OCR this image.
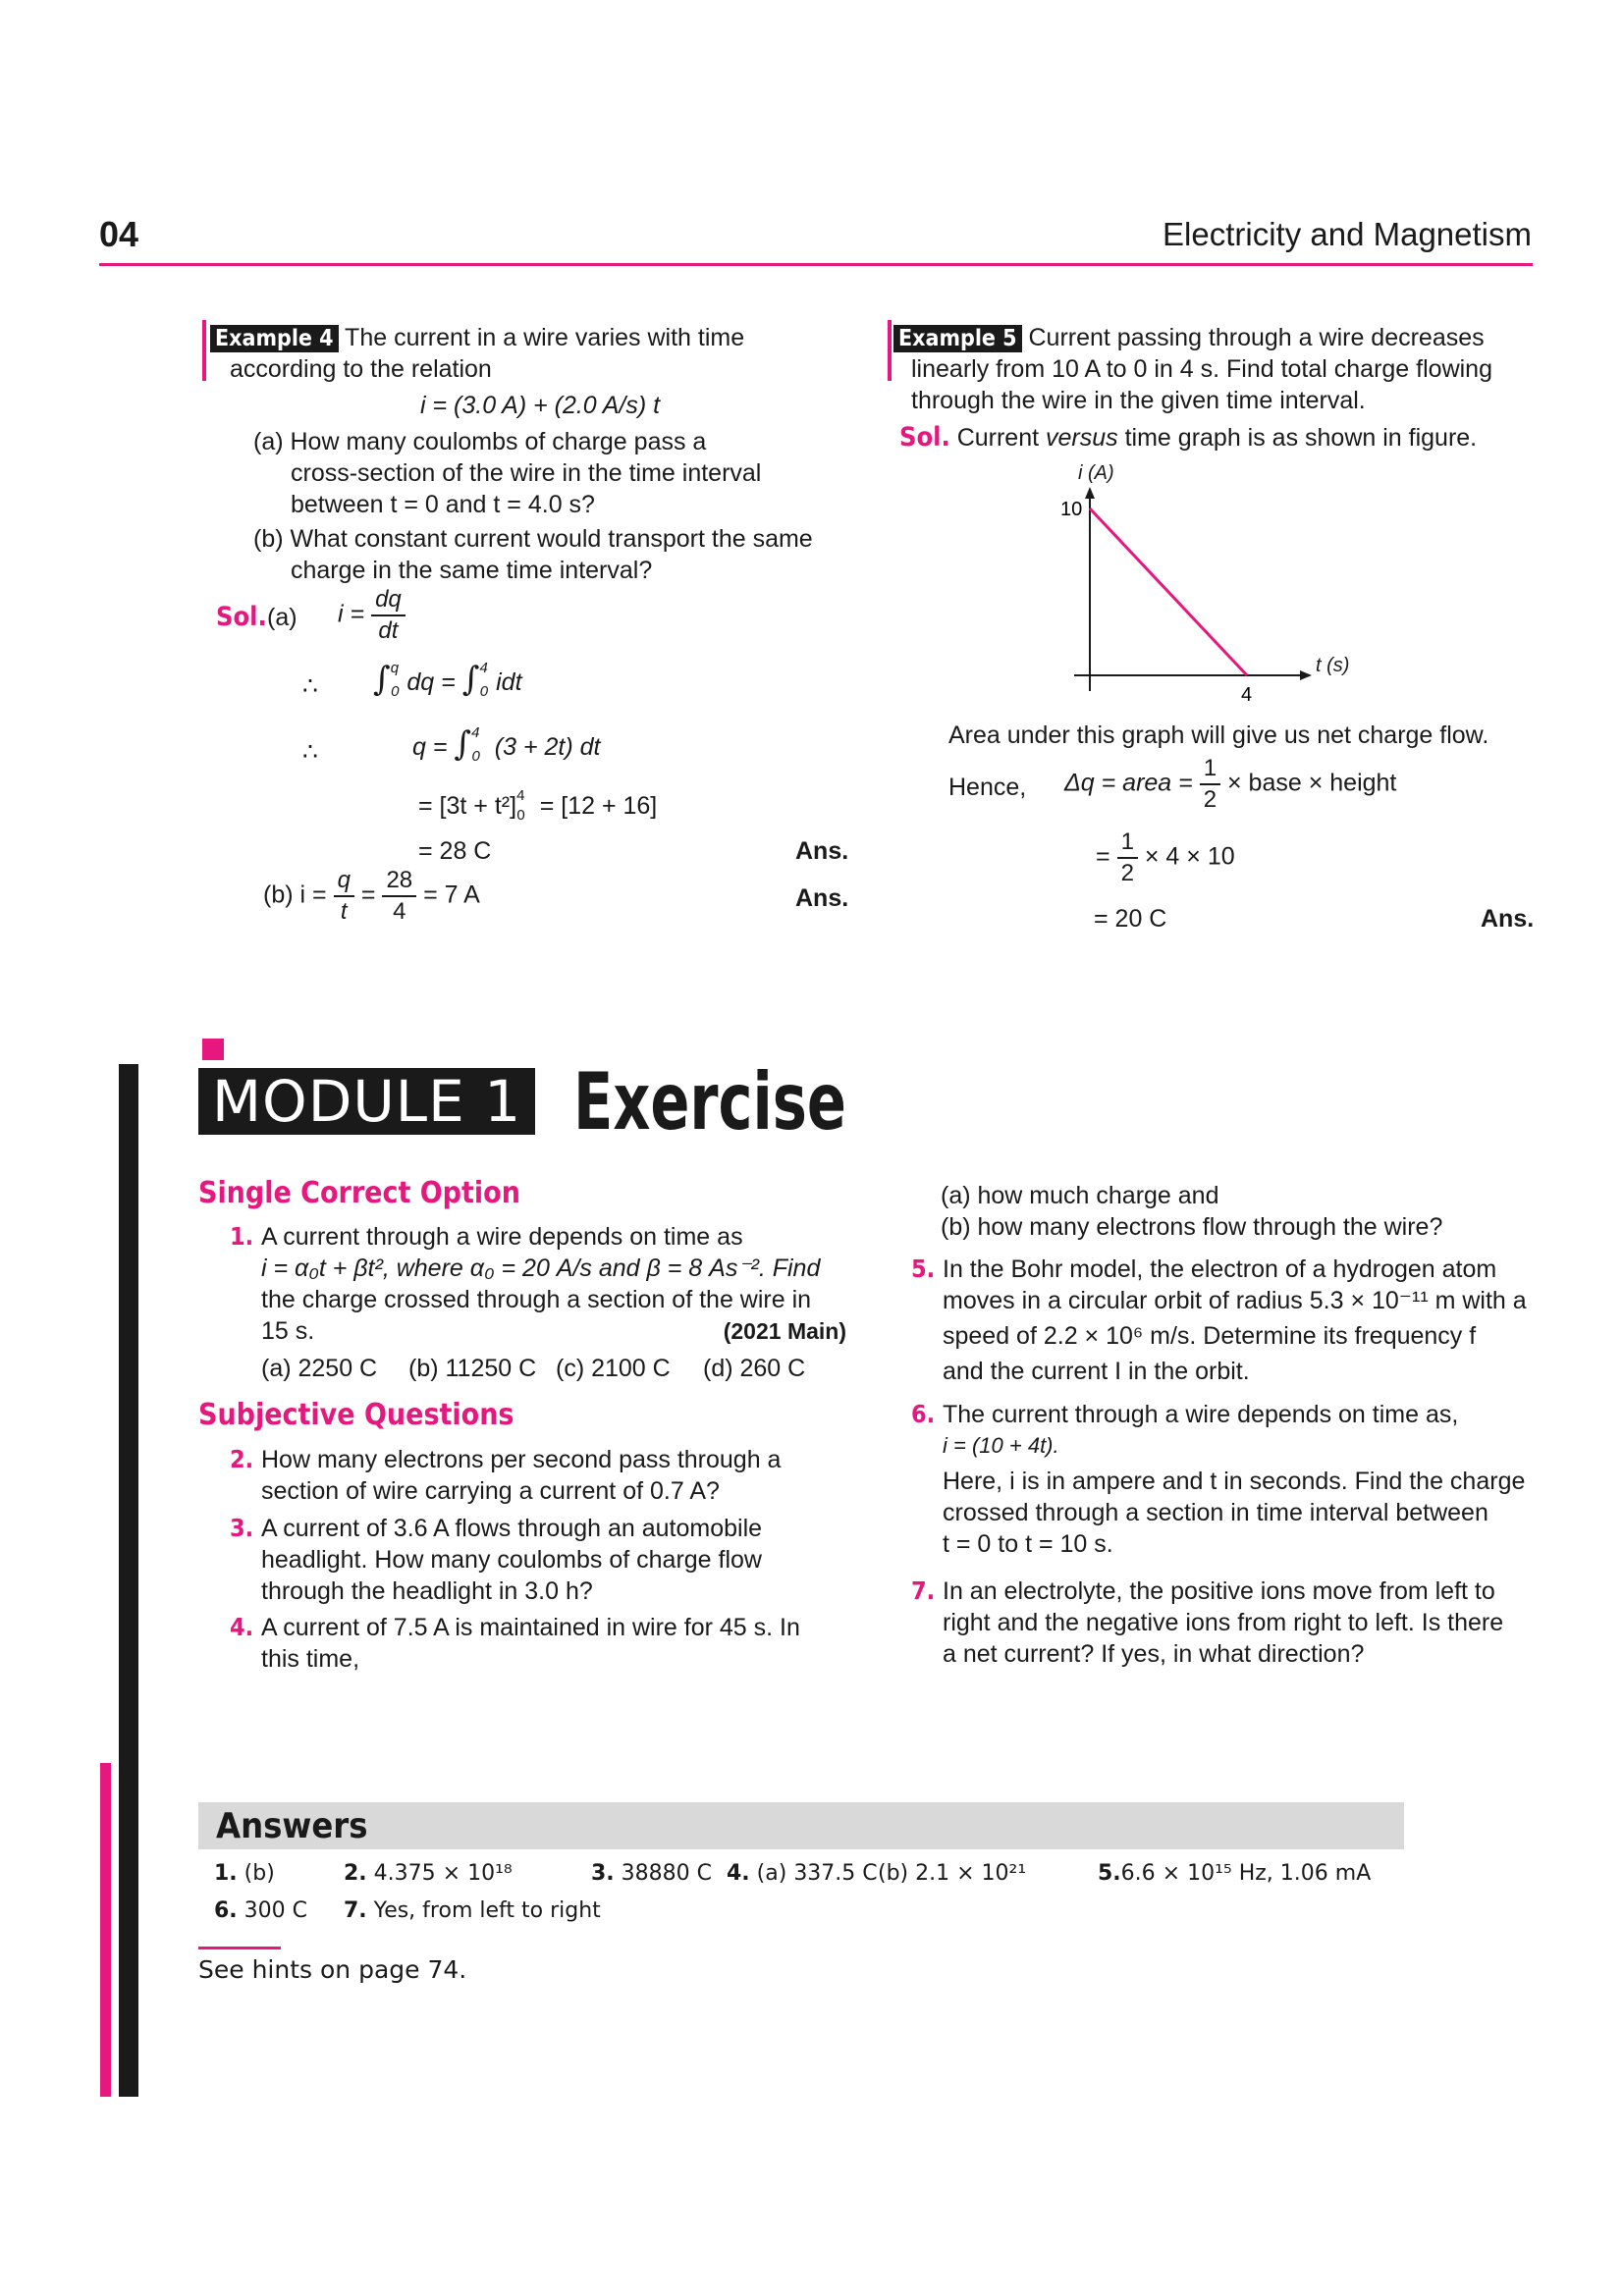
04	Electricity and Magnetism
Example 4 The current in a wire varies with time
according to the relation
i = (3.0 A) + (2.0 A/s) t
(a) How many coulombs of charge pass a
cross-section of the wire in the time interval
between t = 0 and t = 4.0 s?
(b) What constant current would transport the same
charge in the same time interval?
Sol. (a) $i = \frac{dq}{dt}$
∴ ∫$^q_0$ dq = ∫$^4_0$ idt
∴	q = ∫$^4_0$ (3 + 2t) dt
= $[3t + t^2]^4_0 = [12 + 16]$
= 28 C	Ans.
(b) $i = \frac{q}{t} = \frac{28}{4} = 7$ A	Ans.
Example 5 Current passing through a wire decreases
linearly from 10 A to 0 in 4 s. Find total charge flowing
through the wire in the given time interval.
Sol. Current versus time graph is as shown in figure.
i (A)
t (s)
10
4
Area under this graph will give us net charge flow.
Hence, Δq = area = $\frac{1}{2}$ × base × height
= $\frac{1}{2} \times 4 \times 10$
= 20 C	Ans.
MODULE 1 Exercise
Single Correct Option
1. A current through a wire depends on time as
i = α₀t + βt², where α₀ = 20 A/s and β = 8 As⁻². Find
the charge crossed through a section of the wire in
15 s.	(2021 Main)
(a) 2250 C (b) 11250 C (c) 2100 C (d) 260 C
Subjective Questions
2. How many electrons per second pass through a
section of wire carrying a current of 0.7 A?
3. A current of 3.6 A flows through an automobile
headlight. How many coulombs of charge flow
through the headlight in 3.0 h?
4. A current of 7.5 A is maintained in wire for 45 s. In
this time,
(a) how much charge and
(b) how many electrons flow through the wire?
5. In the Bohr model, the electron of a hydrogen atom
moves in a circular orbit of radius 5.3 × 10⁻¹¹ m with a
speed of 2.2 × 10⁶ m/s. Determine its frequency f
and the current I in the orbit.
6. The current through a wire depends on time as,
i = (10 + 4t).
Here, i is in ampere and t in seconds. Find the charge
crossed through a section in time interval between
t = 0 to t = 10 s.
7. In an electrolyte, the positive ions move from left to
right and the negative ions from right to left. Is there
a net current? If yes, in what direction?
Answers
1. (b)	2. 4.375 × 10¹⁸	3. 38880 C 4. (a) 337.5 C (b) 2.1 × 10²¹	5.6.6 × 10¹⁵ Hz, 1.06 mA
6. 300 C 7. Yes, from left to right
See hints on page 74.
